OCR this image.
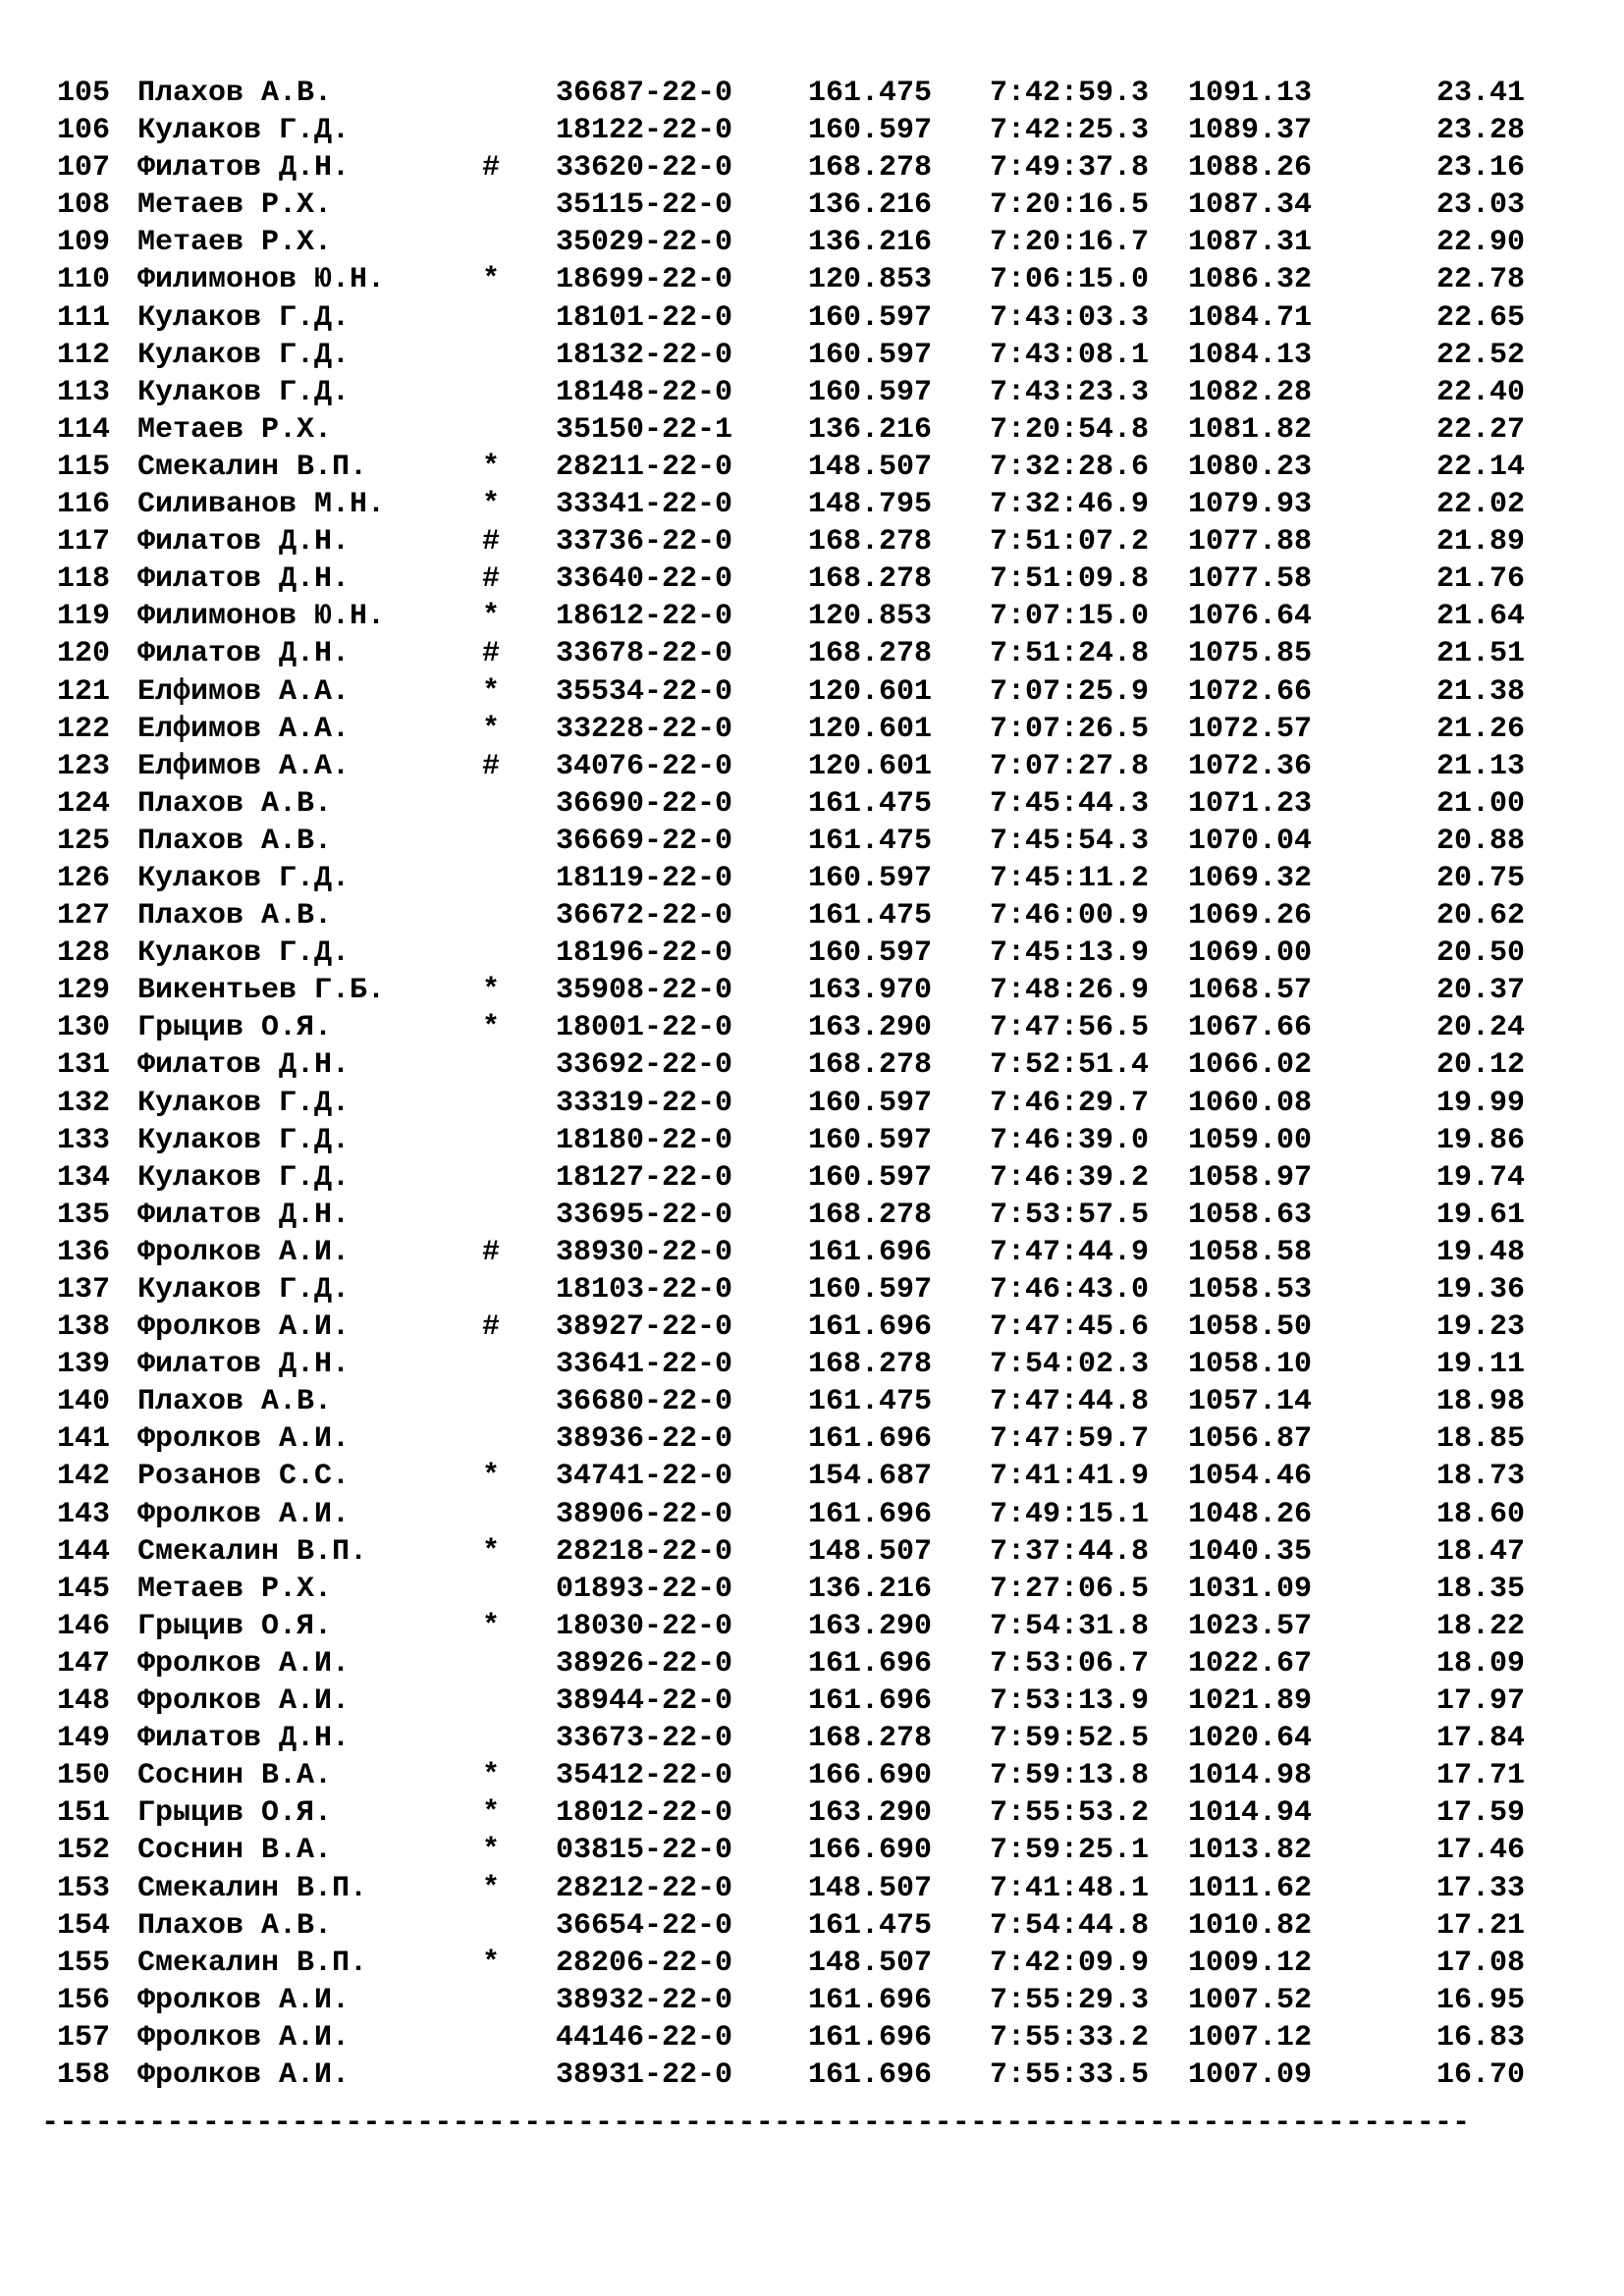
105 Плахов А.В.	36687-22-0	161.475 7:42:59.3 1091.13	23.41
106 Кулаков Г.Д.	18122-22-0	160.597 7:42:25.3 1089.37	23.28
107 Филатов Д.Н.	# 33620-22-0	168.278 7:49:37.8 1088.26	23.16
108 Метаев Р.Х.	35115-22-0	136.216 7:20:16.5 1087.34	23.03
109 Метаев Р.Х.	35029-22-0	136.216 7:20:16.7 1087.31	22.90
110 Филимонов Ю.Н.	* 18699-22-0	120.853 7:06:15.0 1086.32	22.78
111 Кулаков Г.Д.	18101-22-0	160.597 7:43:03.3 1084.71	22.65
112 Кулаков Г.Д.	18132-22-0	160.597 7:43:08.1 1084.13	22.52
113 Кулаков Г.Д.	18148-22-0	160.597 7:43:23.3 1082.28	22.40
114 Метаев Р.Х.	35150-22-1	136.216 7:20:54.8 1081.82	22.27
115 Смекалин В.П.	* 28211-22-0	148.507 7:32:28.6 1080.23	22.14
116 Силиванов М.Н.	* 33341-22-0	148.795 7:32:46.9 1079.93	22.02
117 Филатов Д.Н.	# 33736-22-0	168.278 7:51:07.2 1077.88	21.89
118 Филатов Д.Н.	# 33640-22-0	168.278 7:51:09.8 1077.58	21.76
119 Филимонов Ю.Н.	* 18612-22-0	120.853 7:07:15.0 1076.64	21.64
120 Филатов Д.Н.	# 33678-22-0	168.278 7:51:24.8 1075.85	21.51
121 Елфимов А.А.	* 35534-22-0	120.601 7:07:25.9 1072.66	21.38
122 Елфимов А.А.	* 33228-22-0	120.601 7:07:26.5 1072.57	21.26
123 Елфимов А.А.	# 34076-22-0	120.601 7:07:27.8 1072.36	21.13
124 Плахов А.В.	36690-22-0	161.475 7:45:44.3 1071.23	21.00
125 Плахов А.В.	36669-22-0	161.475 7:45:54.3 1070.04	20.88
126 Кулаков Г.Д.	18119-22-0	160.597 7:45:11.2 1069.32	20.75
127 Плахов А.В.	36672-22-0	161.475 7:46:00.9 1069.26	20.62
128 Кулаков Г.Д.	18196-22-0	160.597 7:45:13.9 1069.00	20.50
129 Викентьев Г.Б.	* 35908-22-0	163.970 7:48:26.9 1068.57	20.37
130 Грыцив О.Я.	* 18001-22-0	163.290 7:47:56.5 1067.66	20.24
131 Филатов Д.Н.	33692-22-0	168.278 7:52:51.4 1066.02	20.12
132 Кулаков Г.Д.	33319-22-0	160.597 7:46:29.7 1060.08	19.99
133 Кулаков Г.Д.	18180-22-0	160.597 7:46:39.0 1059.00	19.86
134 Кулаков Г.Д.	18127-22-0	160.597 7:46:39.2 1058.97	19.74
135 Филатов Д.Н.	33695-22-0	168.278 7:53:57.5 1058.63	19.61
136 Фролков А.И.	# 38930-22-0	161.696 7:47:44.9 1058.58	19.48
137 Кулаков Г.Д.	18103-22-0	160.597 7:46:43.0 1058.53	19.36
138 Фролков А.И.	# 38927-22-0	161.696 7:47:45.6 1058.50	19.23
139 Филатов Д.Н.	33641-22-0	168.278 7:54:02.3 1058.10	19.11
140 Плахов А.В.	36680-22-0	161.475 7:47:44.8 1057.14	18.98
141 Фролков А.И.	38936-22-0	161.696 7:47:59.7 1056.87	18.85
142 Розанов С.С.	* 34741-22-0	154.687 7:41:41.9 1054.46	18.73
143 Фролков А.И.	38906-22-0	161.696 7:49:15.1 1048.26	18.60
144 Смекалин В.П.	* 28218-22-0	148.507 7:37:44.8 1040.35	18.47
145 Метаев Р.Х.	01893-22-0	136.216 7:27:06.5 1031.09	18.35
146 Грыцив О.Я.	* 18030-22-0	163.290 7:54:31.8 1023.57	18.22
147 Фролков А.И.	38926-22-0	161.696 7:53:06.7 1022.67	18.09
148 Фролков А.И.	38944-22-0	161.696 7:53:13.9 1021.89	17.97
149 Филатов Д.Н.	33673-22-0	168.278 7:59:52.5 1020.64	17.84
150 Соснин В.А.	* 35412-22-0	166.690 7:59:13.8 1014.98	17.71
151 Грыцив О.Я.	* 18012-22-0	163.290 7:55:53.2 1014.94	17.59
152 Соснин В.А.	* 03815-22-0	166.690 7:59:25.1 1013.82	17.46
153 Смекалин В.П.	* 28212-22-0	148.507 7:41:48.1 1011.62	17.33
154 Плахов А.В.	36654-22-0	161.475 7:54:44.8 1010.82	17.21
155 Смекалин В.П.	* 28206-22-0	148.507 7:42:09.9 1009.12	17.08
156 Фролков А.И.	38932-22-0	161.696 7:55:29.3 1007.52	16.95
157 Фролков А.И.	44146-22-0	161.696 7:55:33.2 1007.12	16.83
158 Фролков А.И.	38931-22-0	161.696 7:55:33.5 1007.09	16.70
--------------------------------------------------------------------------------
